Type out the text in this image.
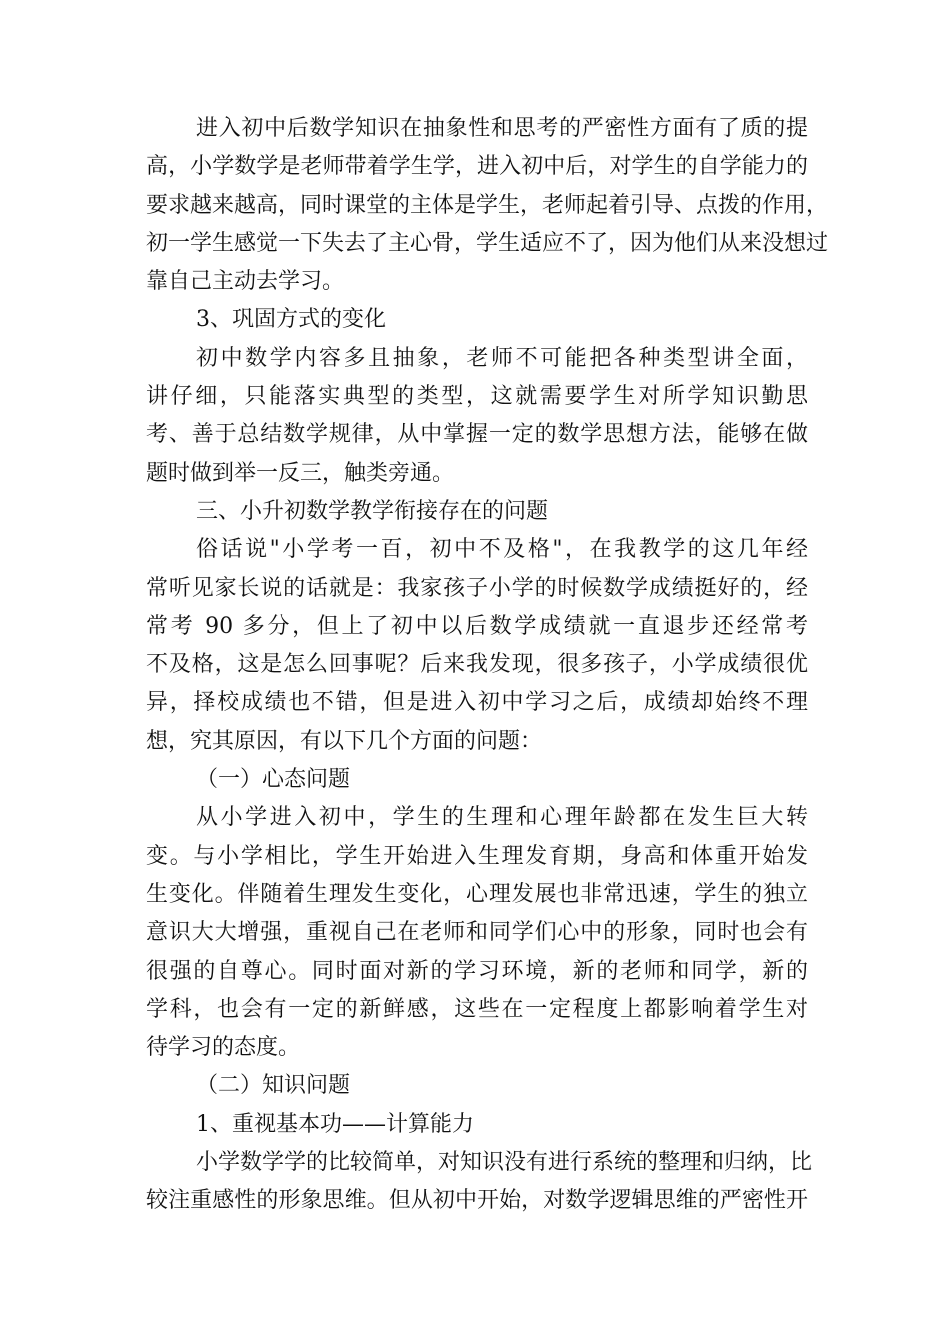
进入初中后数学知识在抽象性和思考的严密性方面有了质的提
高，小学数学是老师带着学生学，进入初中后，对学生的自学能力的
要求越来越高，同时课堂的主体是学生，老师起着引导、点拨的作用，
初一学生感觉一下失去了主心骨，学生适应不了，因为他们从来没想过
靠自己主动去学习。
3、巩固方式的变化
初中数学内容多且抽象，老师不可能把各种类型讲全面，
讲仔细，只能落实典型的类型，这就需要学生对所学知识勤思
考、善于总结数学规律，从中掌握一定的数学思想方法，能够在做
题时做到举一反三，触类旁通。
三、小升初数学教学衔接存在的问题
俗话说"小学考一百，初中不及格"，在我教学的这几年经
常听见家长说的话就是：我家孩子小学的时候数学成绩挺好的，经
常考 90 多分，但上了初中以后数学成绩就一直退步还经常考
不及格，这是怎么回事呢？后来我发现，很多孩子，小学成绩很优
异，择校成绩也不错，但是进入初中学习之后，成绩却始终不理
想，究其原因，有以下几个方面的问题：
（一）心态问题
从小学进入初中，学生的生理和心理年龄都在发生巨大转
变。与小学相比，学生开始进入生理发育期，身高和体重开始发
生变化。伴随着生理发生变化，心理发展也非常迅速，学生的独立
意识大大增强，重视自己在老师和同学们心中的形象，同时也会有
很强的自尊心。同时面对新的学习环境，新的老师和同学，新的
学科，也会有一定的新鲜感，这些在一定程度上都影响着学生对
待学习的态度。
（二）知识问题
1、重视基本功——计算能力
小学数学学的比较简单，对知识没有进行系统的整理和归纳，比
较注重感性的形象思维。但从初中开始，对数学逻辑思维的严密性开
